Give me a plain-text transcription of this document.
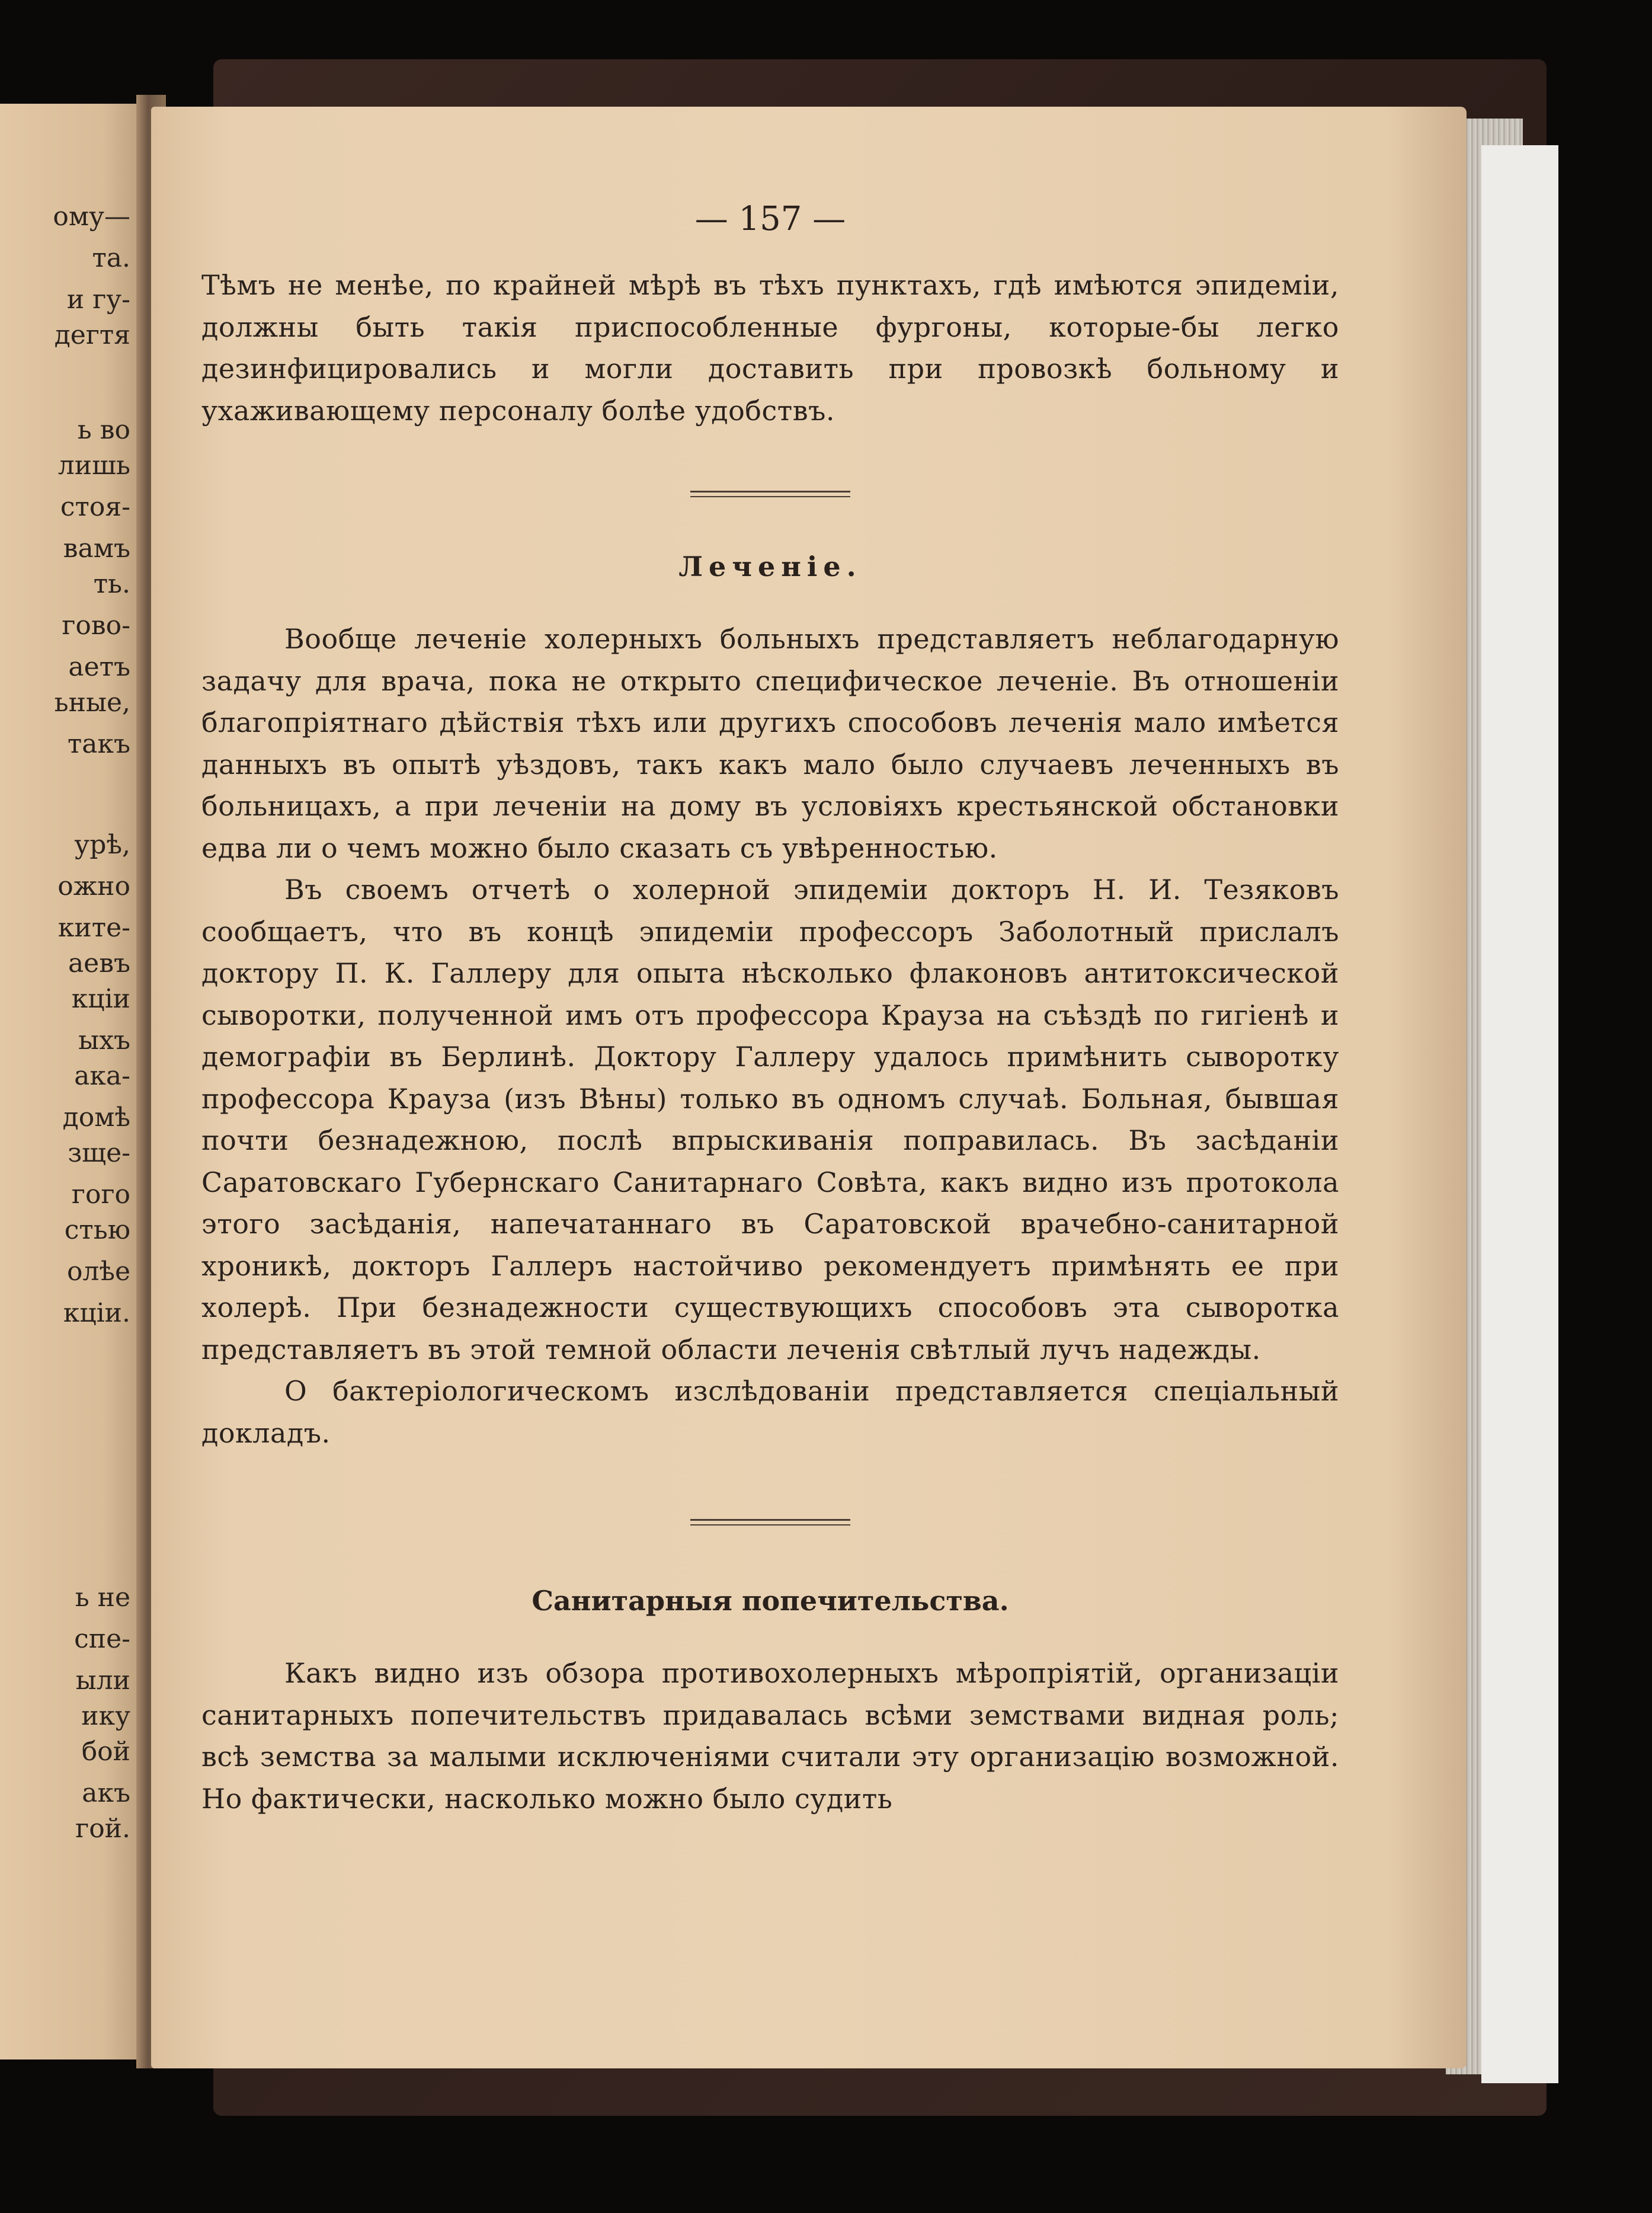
ому—
та.
и гу-
дегтя
ь во
лишь
стоя-
вамъ
ть.
гово-
аетъ
ьные,
такъ
урѣ,
ожно
ките-
аевъ
кціи
ыхъ
ака-
домѣ
зще-
гого
стью
олѣе
кціи.
ь не
спе-
ыли
ику
бой
акъ
гой.
— 157 —

Тѣмъ не менѣе, по крайней мѣрѣ въ тѣхъ пунктахъ, гдѣ имѣются эпидеміи, должны быть такія приспособленные фургоны, которые-бы легко дезинфицировались и могли доставить при провозкѣ больному и ухаживающему персоналу болѣе удобствъ.

Леченіе.

Вообще леченіе холерныхъ больныхъ представляетъ неблагодарную задачу для врача, пока не открыто специфическое леченіе. Въ отношеніи благопріятнаго дѣйствія тѣхъ или другихъ способовъ леченія мало имѣется данныхъ въ опытѣ уѣздовъ, такъ какъ мало было случаевъ леченныхъ въ больницахъ, а при леченіи на дому въ условіяхъ крестьянской обстановки едва ли о чемъ можно было сказать съ увѣренностью.

Въ своемъ отчетѣ о холерной эпидеміи докторъ Н. И. Тезяковъ сообщаетъ, что въ концѣ эпидеміи профессоръ Заболотный прислалъ доктору П. К. Галлеру для опыта нѣсколько флаконовъ антитоксической сыворотки, полученной имъ отъ профессора Крауза на съѣздѣ по гигіенѣ и демографіи въ Берлинѣ. Доктору Галлеру удалось примѣнить сыворотку профессора Крауза (изъ Вѣны) только въ одномъ случаѣ. Больная, бывшая почти безнадежною, послѣ впрыскиванія поправилась. Въ засѣданіи Саратовскаго Губернскаго Санитарнаго Совѣта, какъ видно изъ протокола этого засѣданія, напечатаннаго въ Саратовской врачебно-санитарной хроникѣ, докторъ Галлеръ настойчиво рекомендуетъ примѣнять ее при холерѣ. При безнадежности существующихъ способовъ эта сыворотка представляетъ въ этой темной области леченія свѣтлый лучъ надежды.

О бактеріологическомъ изслѣдованіи представляется спеціальный докладъ.

Санитарныя попечительства.

Какъ видно изъ обзора противохолерныхъ мѣропріятій, организаціи санитарныхъ попечительствъ придавалась всѣми земствами видная роль; всѣ земства за малыми исключеніями считали эту организацію возможной. Но фактически, насколько можно было судить
